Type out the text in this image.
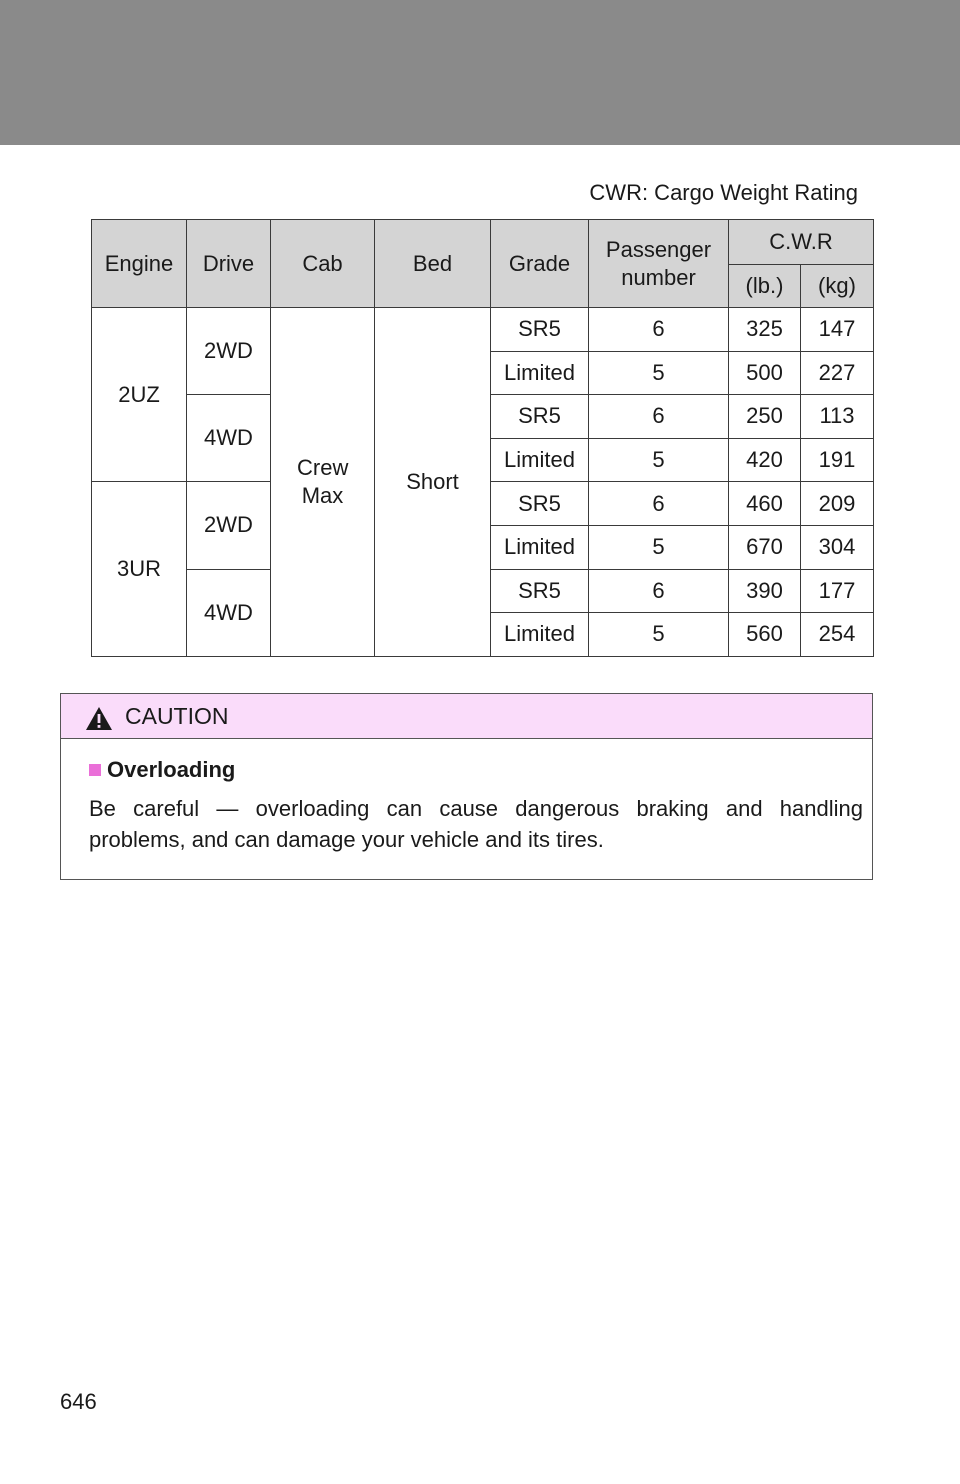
CWR: Cargo Weight Rating
Engine	Drive	Cab	Bed	Grade	Passenger number	C.W.R	
						(lb.)	(kg)
2UZ	2WD	Crew Max	Short	SR5	6	325	147
				Limited	5	500	227
	4WD			SR5	6	250	113
				Limited	5	420	191
3UR	2WD			SR5	6	460	209
				Limited	5	670	304
	4WD			SR5	6	390	177
				Limited	5	560	254
CAUTION
Overloading

Be careful — overloading can cause dangerous braking and handling problems, and can damage your vehicle and its tires.

646
